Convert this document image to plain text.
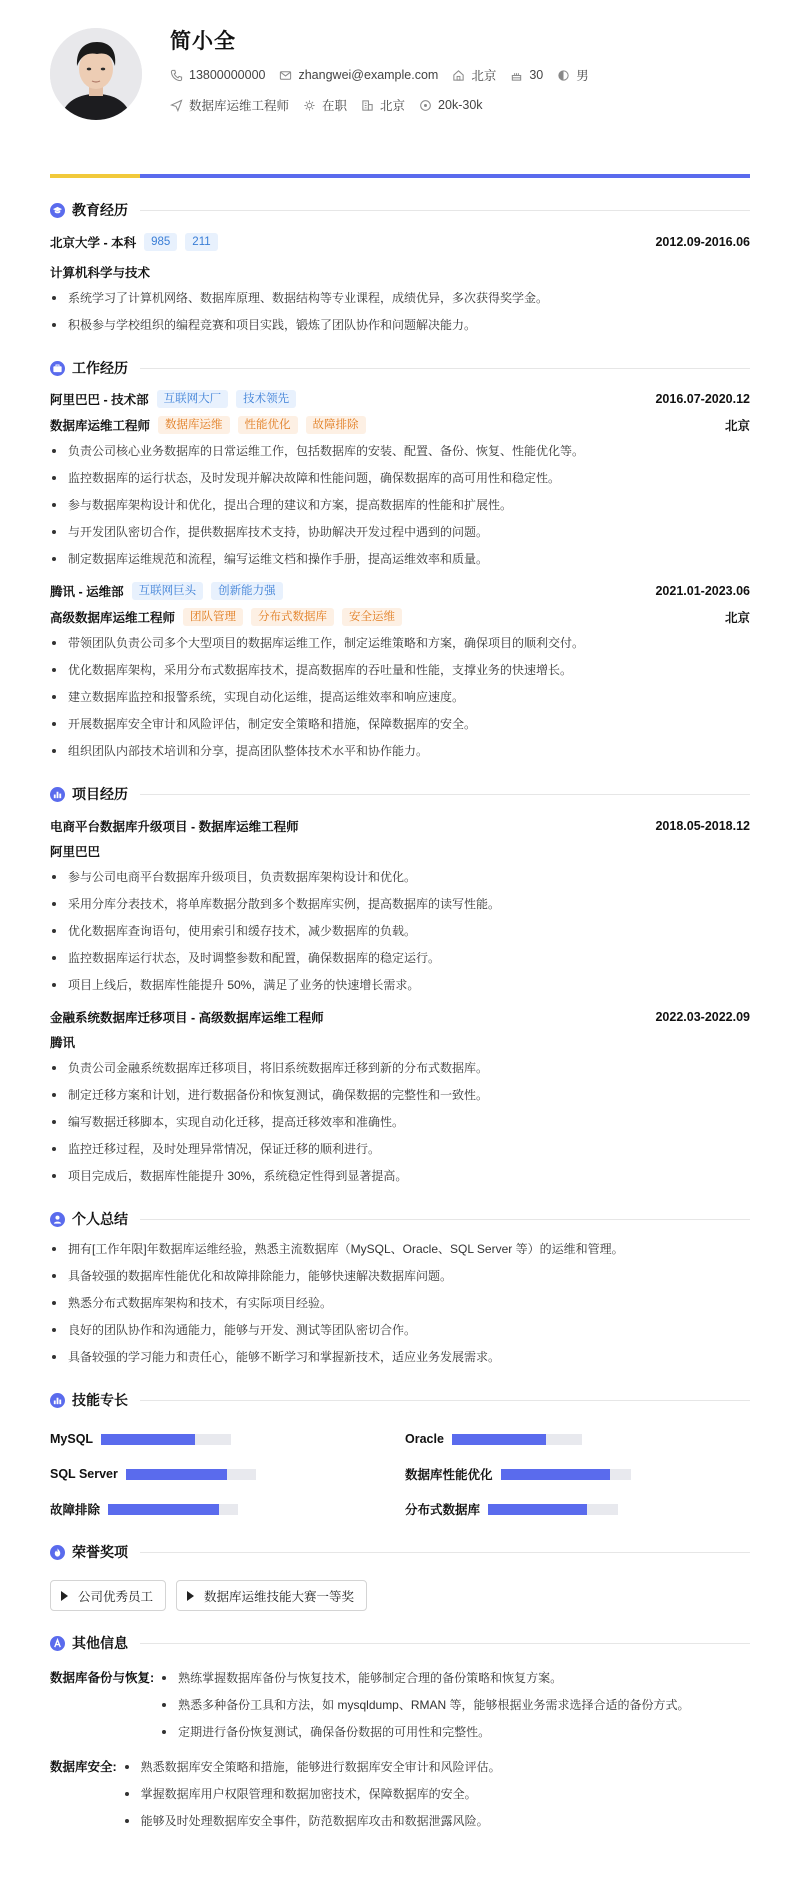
简小全
13800000000	zhangwei@example.com	北京	30	男
数据库运维工程师	在职	北京	20k-30k
教育经历
北京大学 - 本科	985	211	2012.09-2016.06
计算机科学与技术
系统学习了计算机网络、数据库原理、数据结构等专业课程，成绩优异，多次获得奖学金。
积极参与学校组织的编程竞赛和项目实践，锻炼了团队协作和问题解决能力。
工作经历
阿里巴巴 - 技术部	互联网大厂	技术领先	2016.07-2020.12
数据库运维工程师	数据库运维	性能优化	故障排除	北京
负责公司核心业务数据库的日常运维工作，包括数据库的安装、配置、备份、恢复、性能优化等。
监控数据库的运行状态，及时发现并解决故障和性能问题，确保数据库的高可用性和稳定性。
参与数据库架构设计和优化，提出合理的建议和方案，提高数据库的性能和扩展性。
与开发团队密切合作，提供数据库技术支持，协助解决开发过程中遇到的问题。
制定数据库运维规范和流程，编写运维文档和操作手册，提高运维效率和质量。
腾讯 - 运维部	互联网巨头	创新能力强	2021.01-2023.06
高级数据库运维工程师	团队管理	分布式数据库	安全运维	北京
带领团队负责公司多个大型项目的数据库运维工作，制定运维策略和方案，确保项目的顺利交付。
优化数据库架构，采用分布式数据库技术，提高数据库的吞吐量和性能，支撑业务的快速增长。
建立数据库监控和报警系统，实现自动化运维，提高运维效率和响应速度。
开展数据库安全审计和风险评估，制定安全策略和措施，保障数据库的安全。
组织团队内部技术培训和分享，提高团队整体技术水平和协作能力。
项目经历
电商平台数据库升级项目 - 数据库运维工程师	2018.05-2018.12
阿里巴巴
参与公司电商平台数据库升级项目，负责数据库架构设计和优化。
采用分库分表技术，将单库数据分散到多个数据库实例，提高数据库的读写性能。
优化数据库查询语句，使用索引和缓存技术，减少数据库的负载。
监控数据库运行状态，及时调整参数和配置，确保数据库的稳定运行。
项目上线后，数据库性能提升 50%，满足了业务的快速增长需求。
金融系统数据库迁移项目 - 高级数据库运维工程师	2022.03-2022.09
腾讯
负责公司金融系统数据库迁移项目，将旧系统数据库迁移到新的分布式数据库。
制定迁移方案和计划，进行数据备份和恢复测试，确保数据的完整性和一致性。
编写数据迁移脚本，实现自动化迁移，提高迁移效率和准确性。
监控迁移过程，及时处理异常情况，保证迁移的顺利进行。
项目完成后，数据库性能提升 30%，系统稳定性得到显著提高。
个人总结
拥有[工作年限]年数据库运维经验，熟悉主流数据库（MySQL、Oracle、SQL Server 等）的运维和管理。
具备较强的数据库性能优化和故障排除能力，能够快速解决数据库问题。
熟悉分布式数据库架构和技术，有实际项目经验。
良好的团队协作和沟通能力，能够与开发、测试等团队密切合作。
具备较强的学习能力和责任心，能够不断学习和掌握新技术，适应业务发展需求。
技能专长
MySQL	Oracle
SQL Server	数据库性能优化
故障排除	分布式数据库
荣誉奖项
公司优秀员工	数据库运维技能大赛一等奖
其他信息
数据库备份与恢复:	熟练掌握数据库备份与恢复技术，能够制定合理的备份策略和恢复方案。
熟悉多种备份工具和方法，如 mysqldump、RMAN 等，能够根据业务需求选择合适的备份方式。
定期进行备份恢复测试，确保备份数据的可用性和完整性。
数据库安全:	熟悉数据库安全策略和措施，能够进行数据库安全审计和风险评估。
掌握数据库用户权限管理和数据加密技术，保障数据库的安全。
能够及时处理数据库安全事件，防范数据库攻击和数据泄露风险。
